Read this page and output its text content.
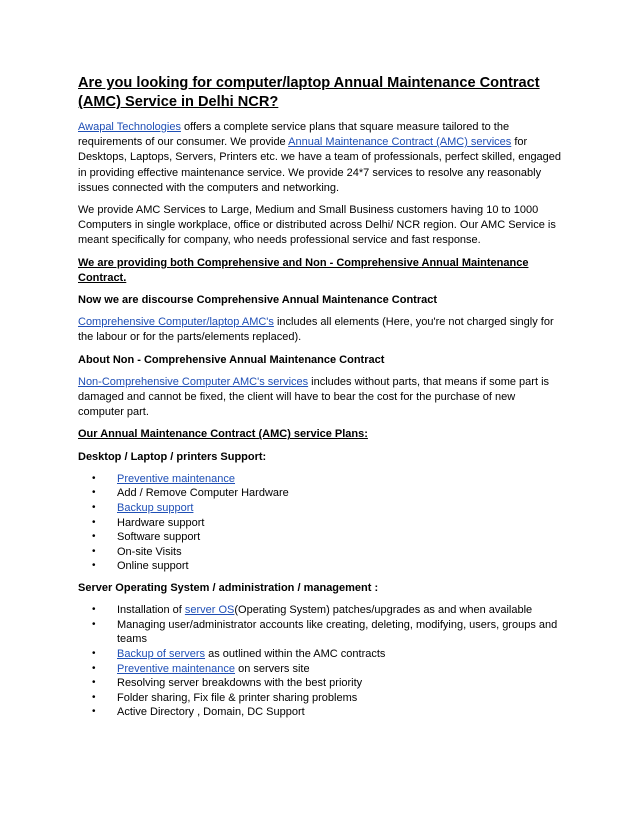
Are you looking for computer/laptop Annual Maintenance Contract (AMC) Service in Delhi NCR?

Awapal Technologies offers a complete service plans that square measure tailored to the requirements of our consumer. We provide Annual Maintenance Contract (AMC) services for Desktops, Laptops, Servers, Printers etc. we have a team of professionals, perfect skilled, engaged in providing effective maintenance service. We provide 24*7 services to resolve any reasonably issues connected with the computers and networking.

We provide AMC Services to Large, Medium and Small Business customers having 10 to 1000 Computers in single workplace, office or distributed across Delhi/ NCR region. Our AMC Service is meant specifically for company, who needs professional service and fast response.

We are providing both Comprehensive and Non - Comprehensive Annual Maintenance Contract.

Now we are discourse Comprehensive Annual Maintenance Contract

Comprehensive Computer/laptop AMC's includes all elements (Here, you're not charged singly for the labour or for the parts/elements replaced).

About Non - Comprehensive Annual Maintenance Contract

Non-Comprehensive Computer AMC's services includes without parts, that means if some part is damaged and cannot be fixed, the client will have to bear the cost for the purchase of new computer part.

Our Annual Maintenance Contract (AMC) service Plans:

Desktop / Laptop / printers Support:

• Preventive maintenance
• Add / Remove Computer Hardware
• Backup support
• Hardware support
• Software support
• On-site Visits
• Online support

Server Operating System / administration / management :

• Installation of server OS(Operating System) patches/upgrades as and when available
• Managing user/administrator accounts like creating, deleting, modifying, users, groups and teams
• Backup of servers as outlined within the AMC contracts
• Preventive maintenance on servers site
• Resolving server breakdowns with the best priority
• Folder sharing, Fix file & printer sharing problems
• Active Directory , Domain, DC Support
